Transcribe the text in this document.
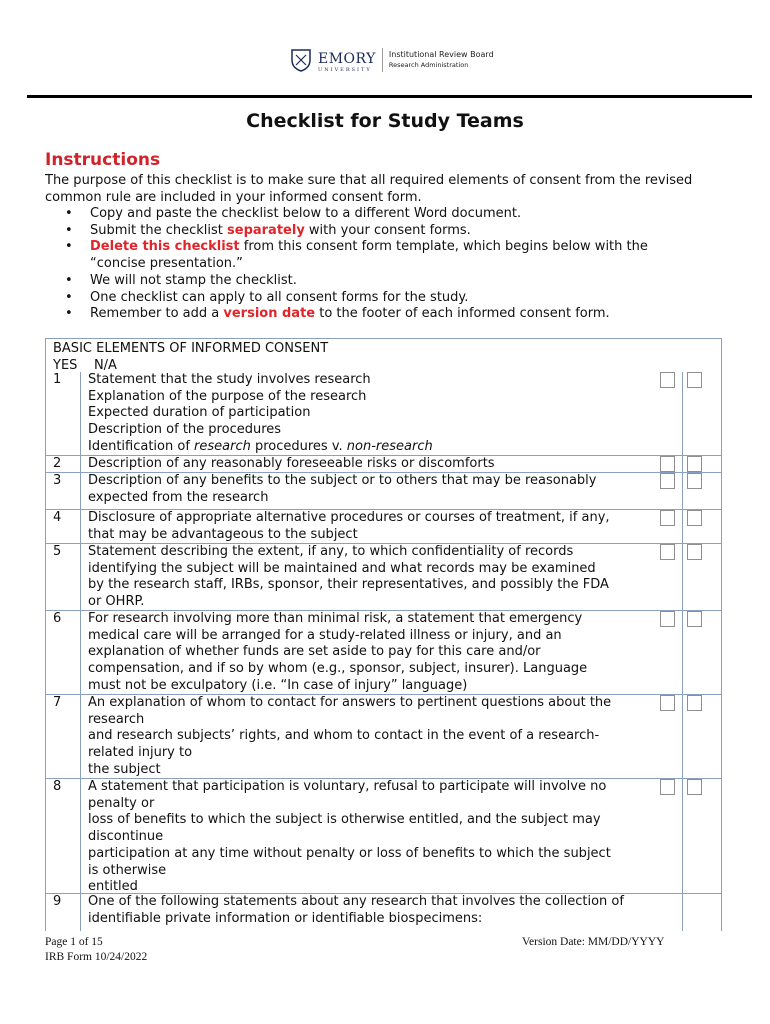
EMORY
UNIVERSITY
Institutional Review Board
Research Administration
Checklist for Study Teams
Instructions
The purpose of this checklist is to make sure that all required elements of consent from the revised common rule are included in your informed consent form.
• Copy and paste the checklist below to a different Word document.
• Submit the checklist separately with your consent forms.
• Delete this checklist from this consent form template, which begins below with the “concise presentation.”
• We will not stamp the checklist.
• One checklist can apply to all consent forms for the study.
• Remember to add a version date to the footer of each informed consent form.
BASIC ELEMENTS OF INFORMED CONSENT
YES N/A
1 Statement that the study involves research
Explanation of the purpose of the research
Expected duration of participation
Description of the procedures
Identification of research procedures v. non-research
2 Description of any reasonably foreseeable risks or discomforts
3 Description of any benefits to the subject or to others that may be reasonably
expected from the research
4 Disclosure of appropriate alternative procedures or courses of treatment, if any,
that may be advantageous to the subject
5 Statement describing the extent, if any, to which confidentiality of records
identifying the subject will be maintained and what records may be examined
by the research staff, IRBs, sponsor, their representatives, and possibly the FDA
or OHRP.
6 For research involving more than minimal risk, a statement that emergency
medical care will be arranged for a study-related illness or injury, and an
explanation of whether funds are set aside to pay for this care and/or
compensation, and if so by whom (e.g., sponsor, subject, insurer). Language
must not be exculpatory (i.e. “In case of injury” language)
7 An explanation of whom to contact for answers to pertinent questions about the
research
and research subjects’ rights, and whom to contact in the event of a research-
related injury to
the subject
8 A statement that participation is voluntary, refusal to participate will involve no
penalty or
loss of benefits to which the subject is otherwise entitled, and the subject may
discontinue
participation at any time without penalty or loss of benefits to which the subject
is otherwise
entitled
9 One of the following statements about any research that involves the collection of
identifiable private information or identifiable biospecimens:
Page 1 of 15
IRB Form 10/24/2022
Version Date: MM/DD/YYYY
